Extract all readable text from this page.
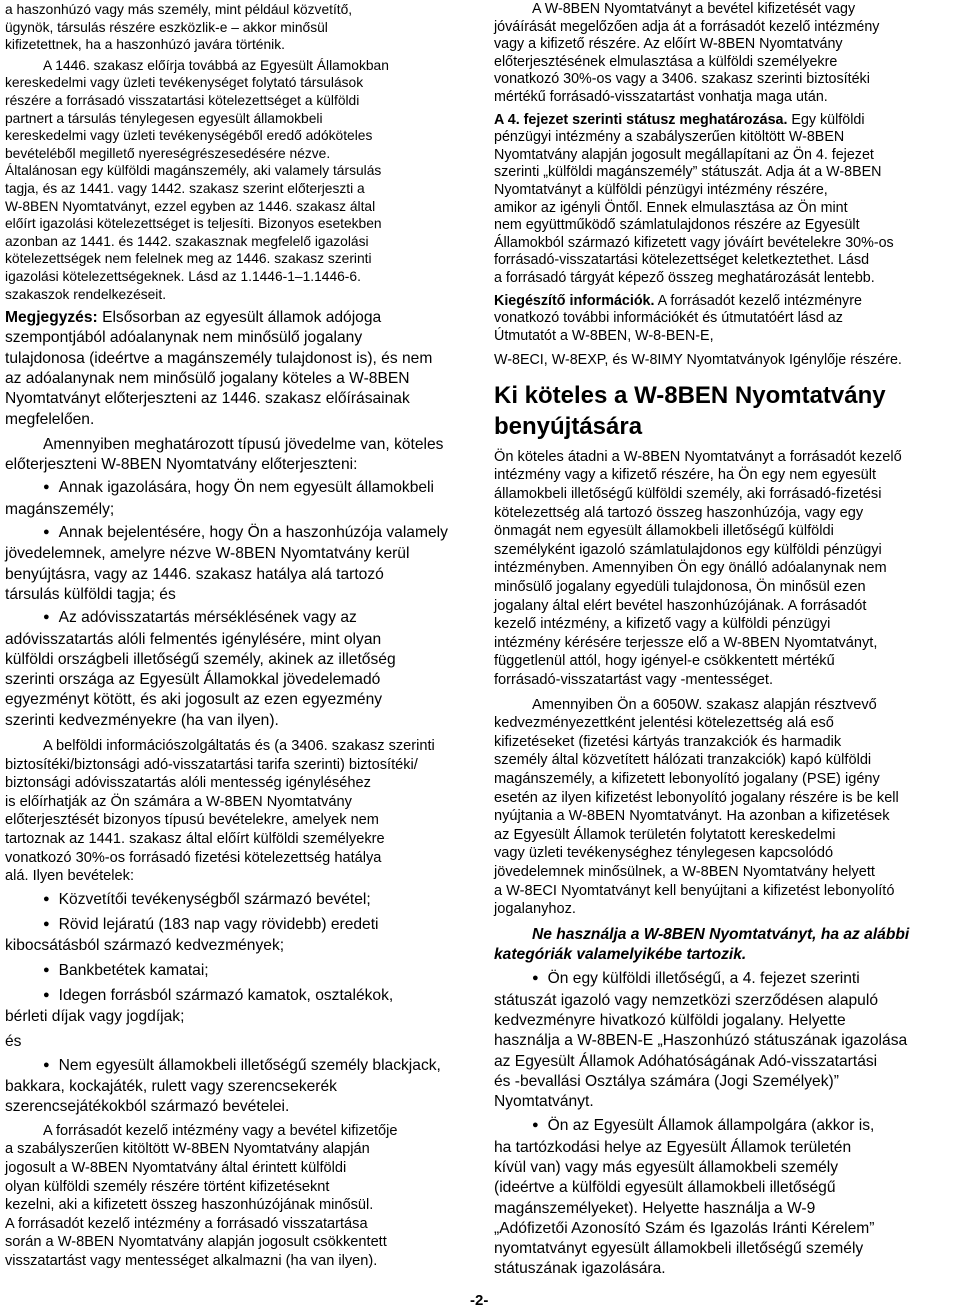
a haszonhúzó vagy más személy, mint például közvetítő,
ügynök, társulás részére eszközlik-e – akkor minősül
kifizetettnek, ha a haszonhúzó javára történik.
A 1446. szakasz előírja továbbá az Egyesült Államokban
kereskedelmi vagy üzleti tevékenységet folytató társulások
részére a forrásadó visszatartási kötelezettséget a külföldi
partnert a társulás ténylegesen egyesült államokbeli
kereskedelmi vagy üzleti tevékenységéből eredő adóköteles
bevételéből megillető nyereségrészesedésére nézve.
Általánosan egy külföldi magánszemély, aki valamely társulás
tagja, és az 1441. vagy 1442. szakasz szerint előterjeszti a
W-8BEN Nyomtatványt, ezzel egyben az 1446. szakasz által
előírt igazolási kötelezettséget is teljesíti. Bizonyos esetekben
azonban az 1441. és 1442. szakasznak megfelelő igazolási
kötelezettségek nem felelnek meg az 1446. szakasz szerinti
igazolási kötelezettségeknek. Lásd az 1.1446-1–1.1446-6.
szakaszok rendelkezéseit.
Megjegyzés: Elsősorban az egyesült államok adójoga
szempontjából adóalanynak nem minősülő jogalany
tulajdonosa (ideértve a magánszemély tulajdonost is), és nem
az adóalanynak nem minősülő jogalany köteles a W-8BEN
Nyomtatványt előterjeszteni az 1446. szakasz előírásainak
megfelelően.
Amennyiben meghatározott típusú jövedelme van, köteles
előterjeszteni W-8BEN Nyomtatvány előterjeszteni:
● Annak igazolására, hogy Ön nem egyesült államokbeli
magánszemély;
● Annak bejelentésére, hogy Ön a haszonhúzója valamely
jövedelemnek, amelyre nézve W-8BEN Nyomtatvány kerül
benyújtásra, vagy az 1446. szakasz hatálya alá tartozó
társulás külföldi tagja; és
● Az adóvisszatartás mérséklésének vagy az
adóvisszatartás alóli felmentés igénylésére, mint olyan
külföldi országbeli illetőségű személy, akinek az illetőség
szerinti országa az Egyesült Államokkal jövedelemadó
egyezményt kötött, és aki jogosult az ezen egyezmény
szerinti kedvezményekre (ha van ilyen).
A belföldi információszolgáltatás és (a 3406. szakasz szerinti
biztosítéki/biztonsági adó-visszatartási tarifa szerinti) biztosítéki/
biztonsági adóvisszatartás alóli mentesség igényléséhez
is előírhatják az Ön számára a W-8BEN Nyomtatvány
előterjesztését bizonyos típusú bevételekre, amelyek nem
tartoznak az 1441. szakasz által előírt külföldi személyekre
vonatkozó 30%-os forrásadó fizetési kötelezettség hatálya
alá. Ilyen bevételek:
● Közvetítői tevékenységből származó bevétel;
● Rövid lejáratú (183 nap vagy rövidebb) eredeti
kibocsátásból származó kedvezmények;
● Bankbetétek kamatai;
● Idegen forrásból származó kamatok, osztalékok,
bérleti díjak vagy jogdíjak;
és
● Nem egyesült államokbeli illetőségű személy blackjack,
bakkara, kockajáték, rulett vagy szerencsekerék
szerencsejátékokból származó bevételei.
A forrásadót kezelő intézmény vagy a bevétel kifizetője
a szabályszerűen kitöltött W-8BEN Nyomtatvány alapján
jogosult a W-8BEN Nyomtatvány által érintett külföldi
olyan külföldi személy részére történt kifizetéseknt
kezelni, aki a kifizetett összeg haszonhúzójának minősül.
A forrásadót kezelő intézmény a forrásadó visszatartása
során a W-8BEN Nyomtatvány alapján jogosult csökkentett
visszatartást vagy mentességet alkalmazni (ha van ilyen).
A W-8BEN Nyomtatványt a bevétel kifizetését vagy
jóváírását megelőzően adja át a forrásadót kezelő intézmény
vagy a kifizető részére. Az előírt W-8BEN Nyomtatvány
előterjesztésének elmulasztása a külföldi személyekre
vonatkozó 30%-os vagy a 3406. szakasz szerinti biztosítéki
mértékű forrásadó-visszatartást vonhatja maga után.
A 4. fejezet szerinti státusz meghatározása. Egy külföldi
pénzügyi intézmény a szabályszerűen kitöltött W-8BEN
Nyomtatvány alapján jogosult megállapítani az Ön 4. fejezet
szerinti „külföldi magánszemély” státuszát. Adja át a W-8BEN
Nyomtatványt a külföldi pénzügyi intézmény részére,
amikor az igényli Öntől. Ennek elmulasztása az Ön mint
nem együttműködő számlatulajdonos részére az Egyesült
Államokból származó kifizetett vagy jóváírt bevételekre 30%-os
forrásadó-visszatartási kötelezettséget keletkeztethet. Lásd
a forrásadó tárgyát képező összeg meghatározását lentebb.
Kiegészítő információk. A forrásadót kezelő intézményre
vonatkozó további információkét és útmutatóért lásd az
Útmutatót a W-8BEN, W-8-BEN-E,
W-8ECI, W-8EXP, és W-8IMY Nyomtatványok Igénylője részére.
Ki köteles a W-8BEN Nyomtatvány
benyújtására
Ön köteles átadni a W-8BEN Nyomtatványt a forrásadót kezelő
intézmény vagy a kifizető részére, ha Ön egy nem egyesült
államokbeli illetőségű külföldi személy, aki forrásadó-fizetési
kötelezettség alá tartozó összeg haszonhúzója, vagy egy
önmagát nem egyesült államokbeli illetőségű külföldi
személyként igazoló számlatulajdonos egy külföldi pénzügyi
intézményben. Amennyiben Ön egy önálló adóalanynak nem
minősülő jogalany egyedüli tulajdonosa, Ön minősül ezen
jogalany által elért bevétel haszonhúzójának. A forrásadót
kezelő intézmény, a kifizető vagy a külföldi pénzügyi
intézmény kérésére terjessze elő a W-8BEN Nyomtatványt,
függetlenül attól, hogy igényel-e csökkentett mértékű
forrásadó-visszatartást vagy -mentességet.
Amennyiben Ön a 6050W. szakasz alapján résztvevő
kedvezményezettként jelentési kötelezettség alá eső
kifizetéseket (fizetési kártyás tranzakciók és harmadik
személy által közvetített hálózati tranzakciók) kapó külföldi
magánszemély, a kifizetett lebonyolító jogalany (PSE) igény
esetén az ilyen kifizetést lebonyolító jogalany részére is be kell
nyújtania a W-8BEN Nyomtatványt. Ha azonban a kifizetések
az Egyesült Államok területén folytatott kereskedelmi
vagy üzleti tevékenységhez ténylegesen kapcsolódó
jövedelemnek minősülnek, a W-8BEN Nyomtatvány helyett
a W-8ECI Nyomtatványt kell benyújtani a kifizetést lebonyolító
jogalanyhoz.
Ne használja a W-8BEN Nyomtatványt, ha az alábbi
kategóriák valamelyikébe tartozik.
● Ön egy külföldi illetőségű, a 4. fejezet szerinti
státuszát igazoló vagy nemzetközi szerződésen alapuló
kedvezményre hivatkozó külföldi jogalany. Helyette
használja a W-8BEN-E „Haszonhúzó státuszának igazolása
az Egyesült Államok Adóhatóságának Adó-visszatartási
és -bevallási Osztálya számára (Jogi Személyek)”
Nyomtatványt.
● Ön az Egyesült Államok állampolgára (akkor is,
ha tartózkodási helye az Egyesült Államok területén
kívül van) vagy más egyesült államokbeli személy
(ideértve a külföldi egyesült államokbeli illetőségű
magánszemélyeket). Helyette használja a W-9
„Adófizetői Azonosító Szám és Igazolás Iránti Kérelem”
nyomtatványt egyesült államokbeli illetőségű személy
státuszának igazolására.
-2-
